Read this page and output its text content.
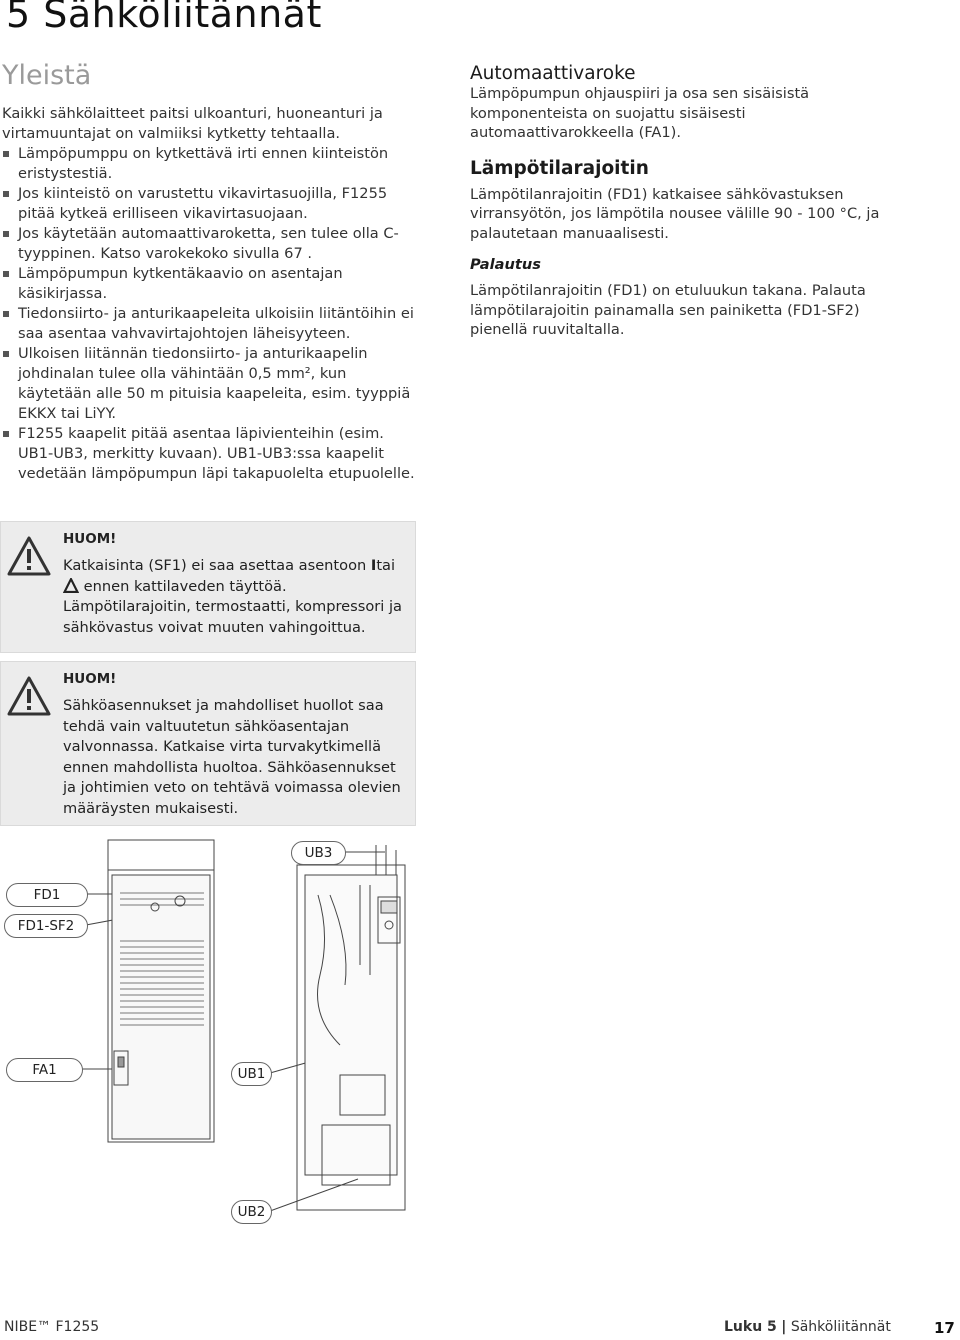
5 Sähköliitännät
Yleistä

Kaikki sähkölaitteet paitsi ulkoanturi, huoneanturi ja virtamuuntajat on valmiiksi kytketty tehtaalla.

Lämpöpumppu on kytkettävä irti ennen kiinteistön eristystestiä.
Jos kiinteistö on varustettu vikavirtasuojilla, F1255 pitää kytkeä erilliseen vikavirtasuojaan.
Jos käytetään automaattivaroketta, sen tulee olla C-tyyppinen. Katso varokekoko sivulla 67 .
Lämpöpumpun kytkentäkaavio on asentajan käsikirjassa.
Tiedonsiirto- ja anturikaapeleita ulkoisiin liitäntöihin ei saa asentaa vahvavirtajohtojen läheisyyteen.
Ulkoisen liitännän tiedonsiirto- ja anturikaapelin johdinalan tulee olla vähintään 0,5 mm², kun käytetään alle 50 m pituisia kaapeleita, esim. tyyppiä EKKX tai LiYY.
F1255 kaapelit pitää asentaa läpivienteihin (esim. UB1-UB3, merkitty kuvaan). UB1-UB3:ssa kaapelit vedetään lämpöpumpun läpi takapuolelta etupuolelle.
HUOM!
Katkaisinta (SF1) ei saa asettaa asentoon Itai
ennen kattilaveden täyttöä. Lämpötilarajoitin, termostaatti, kompressori ja sähkövastus voivat muuten vahingoittua.
HUOM!
Sähköasennukset ja mahdolliset huollot saa tehdä vain valtuutetun sähköasentajan valvonnassa. Katkaise virta turvakytkimellä ennen mahdollista huoltoa. Sähköasennukset ja johtimien veto on tehtävä voimassa olevien määräysten mukaisesti.
Automaattivaroke

Lämpöpumpun ohjauspiiri ja osa sen sisäisistä komponenteista on suojattu sisäisesti automaattivarokkeella (FA1).

Lämpötilarajoitin

Lämpötilanrajoitin (FD1) katkaisee sähkövastuksen virransyötön, jos lämpötila nousee välille 90 - 100 °C, ja palautetaan manuaalisesti.

Palautus

Lämpötilanrajoitin (FD1) on etuluukun takana. Palauta lämpötilarajoitin painamalla sen painiketta (FD1-SF2) pienellä ruuvitaltalla.

FD1
FD1-SF2
FA1	UB1
UB2
UB3
NIBE™ F1255	Luku 5 | Sähköliitännät	17
